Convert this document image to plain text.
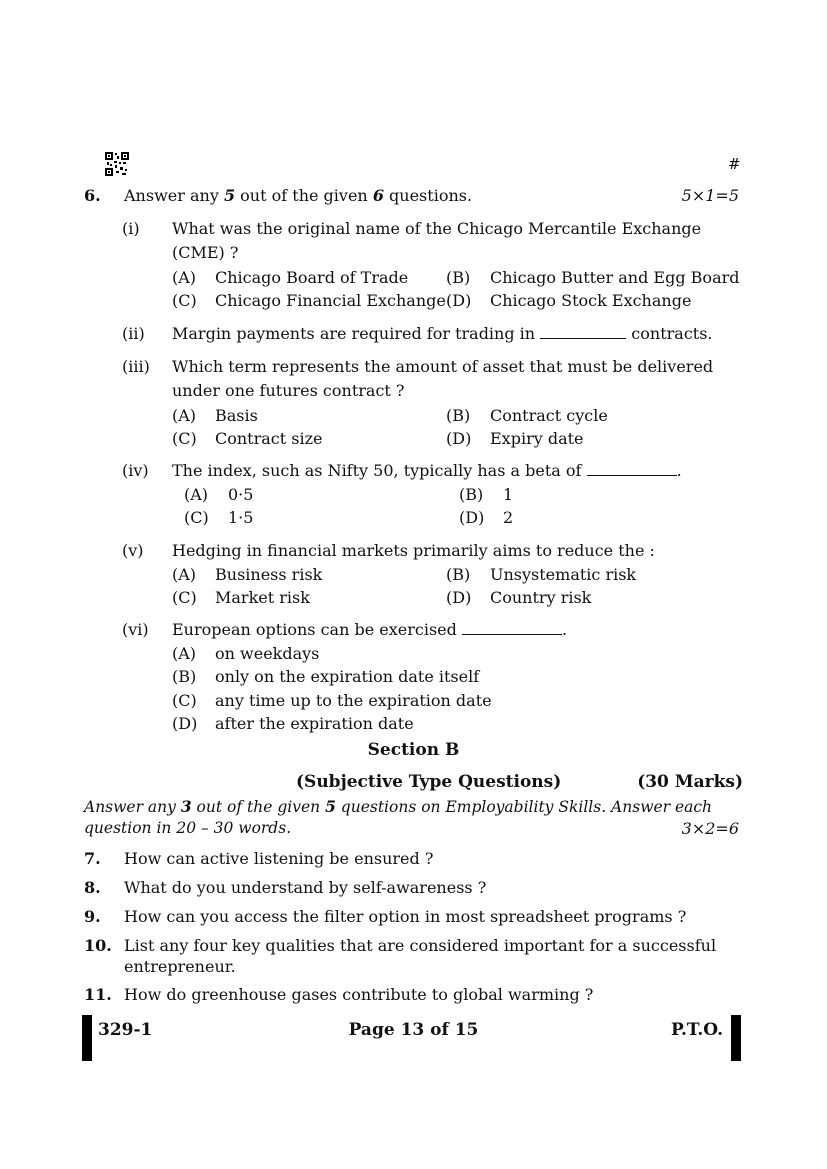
#
6. Answer any 5 out of the given 6 questions.	5×1=5
(i) What was the original name of the Chicago Mercantile Exchange
(CME) ?
(A) Chicago Board of Trade (B) Chicago Butter and Egg Board
(C) Chicago Financial Exchange (D) Chicago Stock Exchange
(ii) Margin payments are required for trading in	contracts.
(iii) Which term represents the amount of asset that must be delivered
under one futures contract ?
(A) Basis	(B) Contract cycle
(C) Contract size	(D) Expiry date
(iv) The index, such as Nifty 50, typically has a beta of	.
(A) 0·5	(B) 1
(C) 1·5	(D) 2
(v) Hedging in financial markets primarily aims to reduce the :
(A) Business risk	(B) Unsystematic risk
(C) Market risk	(D) Country risk
(vi) European options can be exercised	.
(A) on weekdays
(B) only on the expiration date itself
(C) any time up to the expiration date
(D) after the expiration date
Section B
(Subjective Type Questions)	(30 Marks)
Answer any 3 out of the given 5 questions on Employability Skills. Answer each
question in 20 – 30 words.	3×2=6
7. How can active listening be ensured ?
8. What do you understand by self-awareness ?
9. How can you access the filter option in most spreadsheet programs ?
10. List any four key qualities that are considered important for a successful
entrepreneur.
11. How do greenhouse gases contribute to global warming ?
329-1	Page 13 of 15	P.T.O.
